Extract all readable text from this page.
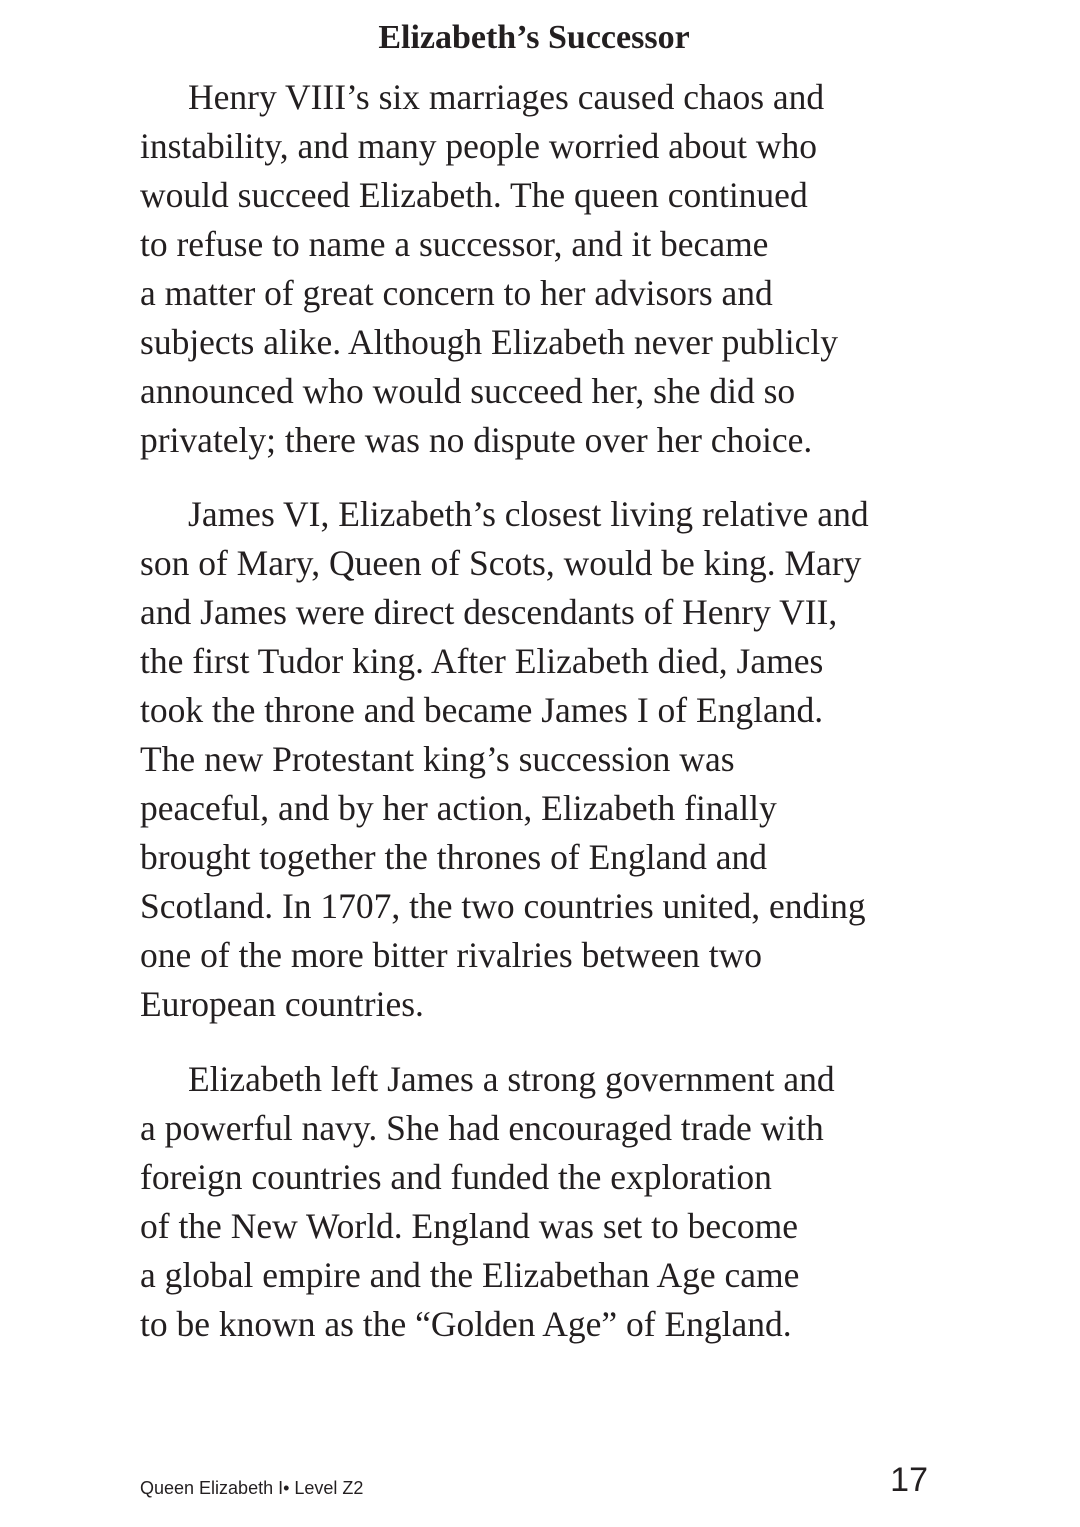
Elizabeth’s Successor
Henry VIII’s six marriages caused chaos and
instability, and many people worried about who
would succeed Elizabeth. The queen continued
to refuse to name a successor, and it became
a matter of great concern to her advisors and
subjects alike. Although Elizabeth never publicly
announced who would succeed her, she did so
privately; there was no dispute over her choice.
James VI, Elizabeth’s closest living relative and
son of Mary, Queen of Scots, would be king. Mary
and James were direct descendants of Henry VII,
the first Tudor king. After Elizabeth died, James
took the throne and became James I of England.
The new Protestant king’s succession was
peaceful, and by her action, Elizabeth finally
brought together the thrones of England and
Scotland. In 1707, the two countries united, ending
one of the more bitter rivalries between two
European countries.
Elizabeth left James a strong government and
a powerful navy. She had encouraged trade with
foreign countries and funded the exploration
of the New World. England was set to become
a global empire and the Elizabethan Age came
to be known as the “Golden Age” of England.
Queen Elizabeth I• Level Z2	17
